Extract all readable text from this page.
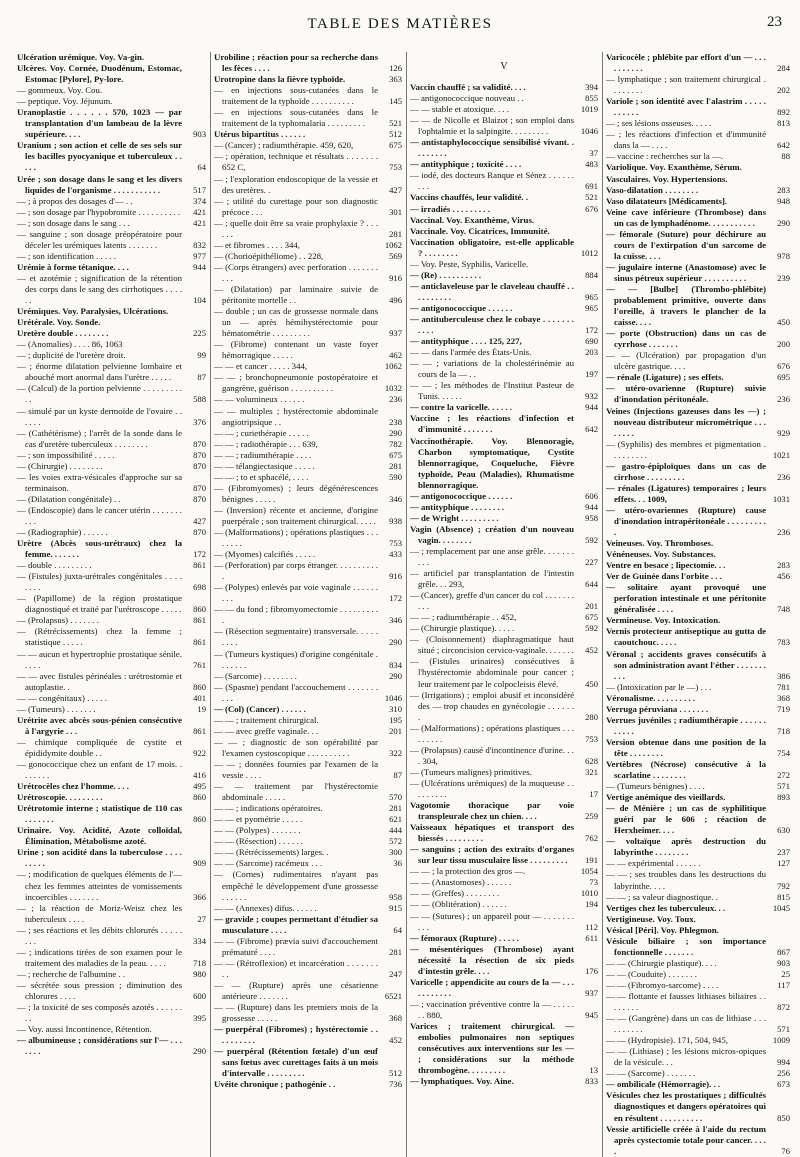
TABLE DES MATIÈRES	23
Ulcération urémique. Voy. Va-gin.
Ulcères. Voy. Cornée, Duodénum, Estomac, Estomac [Pylore], Py-lore.
— gommeux. Voy. Cou.
— peptique. Voy. Jéjunum.
Uranoplastie . . . . . . 570, 1023 — par transplantation d'un lambeau de la lèvre supérieure. . . .	903
Uranium ; son action et celle de ses sels sur les bacilles pyocyanique et tuberculeux . . . . .	64
Urée ; son dosage dans le sang et les divers liquides de l'organisme . . . . . . . . . . .	517
— ; à propos des dosages d'— . .	374
— ; son dosage par l'hypobromite . . . . . . . . . . 421
— ; son dosage dans le sang . . .	421
— sanguine ; son dosage préopératoire pour déceler les urémiques latents . . . . . . .	832
— ; son identification . . . . .	977
Urémie à forme tétanique. . . .	944
— et azotémie ; signification de la rétention des corps dans le sang des cirrhotiques . . . . . .	104
Urémiques. Voy. Paralysies, Ulcérations.
Urétérale. Voy. Sonde.
Uretère double . . . . . . . .	225
— (Anomalies) . . . . 86, 1063
— ; duplicité de l'uretère droit.	99
— ; énorme dilatation pelvienne lombaire et abouché mort anormal dans l'urètre . . . . .	87
— (Calcul) de la portion pelvienne . . . . . . . . . . .	588
— simulé par un kyste dermoïde de l'ovaire . . . . . .	376
— (Cathétérisme) ; l'arrêt de la sonde dans le cas d'uretère tuberculeux . . . . . . . .	870
— ; son impossibilité . . . . .	870
— (Chirurgie) . . . . . . . .	870
— les voies extra-vésicales d'approche sur sa terminaison.	870
— (Dilatation congénitale) . .	870
— (Endoscopie) dans le cancer utérin . . . . . . . . . .	427
— (Radiographie) . . . . . .	870
Urètre (Abcès sous-urétraux) chez la femme. . . . . . .	172
— double . . . . . . . . .	861
— (Fistules) juxta-urétrales congénitales . . . . . . . .	698
— (Papillome) de la région prostatique diagnostiqué et traité par l'urétroscope . . . . . 860
— (Prolapsus) . . . . . . .	861
— (Rétrécissements) chez la femme ; statistique . . . . .	861
— — aucun et hypertrophie prostatique sénile. . . . .	761
— — avec fistules périnéales : urétrostomie et autoplastie. .	860
— — congénitaux) . . . . .	401
— (Tumeurs) . . . . . . .	19
Urétrite avec abcès sous-pénien consécutive à l'argyrie . . .	861
— chimique compliquée de cystite et épididymite double . .	922
— gonococcique chez un enfant de 17 mois. . . . . . . .	416
Urétrocèles chez l'homme. . . .	495
Urétroscopie. . . . . . . . .	860
Urétrotomie interne ; statistique de 110 cas . . . . . . .	860
Urinaire. Voy. Acidité, Azote colloïdal, Élimination, Métabolisme azoté.
Urine ; son acidité dans la tuberculose . . . . . . . . .	909
— ; modification de quelques éléments de l'— chez les femmes atteintes de vomissements incoercibles . . . . . . .	366
— ; la réaction de Moriz-Weisz chez les tuberculeux . . . .	27
— ; ses réactions et les débits chlorurés . . . . . . . .	334
— ; indications tirées de son examen pour le traitement des maladies de la peau. . . . .	718
— ; recherche de l'albumine . .	980
— sécrétée sous pression ; diminution des chlorures . . . .	600
— ; la toxicité de ses composés azotés . . . . . . . .	395
— Voy. aussi Incontinence, Rétention.
— albumineuse ; considérations sur l'— . . . . . . .	290
Urobiline ; réaction pour sa recherche dans les fèces . . . .	126
Urotropine dans la fièvre typhoïde.	363
— en injections sous-cutanées dans le traitement de la typhoïde . . . . . . . . . .	145
— en injections sous-cutanées dans le traitement de la typhomalaria . . . . . . . . .	521
Utérus bipartitus . . . . . .	512
— (Cancer) ; radiumthérapie. 459, 620,	675
— ; opération, technique et résultats . . . . . . . 652 C,	753
— ; l'exploration endoscopique de la vessie et des uretères. .	427
— ; utilité du curettage pour son diagnostic précoce . . .	301
— ; quelle doit être sa vraie prophylaxie ? . . . . . .	281
— et fibromes . . . . 344,	1062
— (Chorioépithéliome) . . 228,	569
— (Corps étrangers) avec perforation . . . . . . . . . .	916
— (Dilatation) par laminaire suivie de péritonite mortelle . .	496
— double ; un cas de grossesse normale dans un — après hémihystérectomie pour hématométrie . . . . . . . . .	937
— (Fibrome) contenant un vaste foyer hémorragique . . . . .	462
— — et cancer . . . . . 344,	1062
— — ; bronchopneumonie postopératoire et gangrène, guérison . . . . . . . . . .	1032
— — volumineux . . . . . .	236
— — multiples ; hystérectomie abdominale angiotripsique . .	238
— — ; curiethérapie . . . . .	290
— — ; radiothérapie . . . 639,	782
— — ; radiumthérapie . . . .	675
— — télangiectasique . . . . .	281
— — ; to et sphacélé, . . . .	590
— (Fibromyomes) ; leurs dégénérescences bénignes . . . . .	346
— (Inversion) récente et ancienne, d'origine puerpérale ; son traitement chirurgical. . . . . 938
— (Malformations) ; opérations plastiques . . . . . . . .	753
— (Myomes) calcifiés . . . . .	433
— (Perforation) par corps étranger. . . . . . . . . . .	916
— (Polypes) enlevés par voie vaginale . . . . . . . . .	172
— — du fond ; fibromyomectomie . . . . . . . . . .	346
— (Résection segmentaire) transversale. . . . . . . . .	290
— (Tumeurs kystiques) d'origine congénitale . . . . . . .	834
— (Sarcome) . . . . . . . .	290
— (Spasme) pendant l'accouchement . . . . . . . . . .	1046
— (Col) (Cancer) . . . . . .	310
— — ; traitement chirurgical.	195
— — avec greffe vaginale. . .	201
— — ; diagnostic de son opérabilité par l'examen cystoscopique . . . . . . . . . .	322
— — ; données fournies par l'examen de la vessie . . . .	87
— — traitement par l'hystérectomie abdominale . . . . .	570
— — ; indications opératoires.	281
— — et pyométrie . . . . .	621
— — (Polypes) . . . . . . .	444
— — (Résection) . . . . . .	572
— — (Rétrécissements) larges. .	300
— — (Sarcome) racémeux . . .	36
— (Cornes) rudimentaires n'ayant pas empêché le développement d'une grossesse . . . . . .	958
— — (Annexes) difus. . . . . .	915
— gravide ; coupes permettant d'étudier sa musculature . . . .	64
— — (Fibrome) prævia suivi d'accouchement prématuré . . . .	281
— — (Rétroflexion) et incarcération . . . . . . . . .	247
— — (Rupture) après une césarienne antérieure . . . . . . .	6521
— — (Rupture) dans les premiers mois de la grossesse . . . . .	368
— puerpéral (Fibromes) ; hystérectomie . . . . . . . . . .	452
— puerpéral (Rétention fœtale) d'un œuf sans fœtus avec curettages faits à un mois d'intervalle . . . . . . . . .	512
Uvéite chronique ; pathogénie . .	736
V
Vaccin chauffé ; sa validité. . . .	394
— antigonococcique nouveau . .	855
— — stable et atoxique. . . .	1019
— — de Nicolle et Blaizot ; son emploi dans l'ophtalmie et la salpingite. . . . . . . . .	1046
— antistaphylococcique sensibilisé vivant. . . . . . . . .	37
— antityphique ; toxicité . . . .	483
— iodé, des docteurs Ranque et Sénez . . . . . . . . .	691
Vaccins chauffés, leur validité. .	521
— irradiés . . . . . . . . .	676
Vaccinal. Voy. Exanthème, Virus.
Vaccinale. Voy. Cicatrices, Immunité.
Vaccination obligatoire, est-elle applicable ? . . . . . . . .	1012
— Voy. Peste, Syphilis, Varicelle.
— (Re) . . . . . . . . . .	884
— anticlaveleuse par le claveleau chauffé . . . . . . . . . .	965
— antigonococcique . . . . . .	965
— antituberculeuse chez le cobaye . . . . . . . . . . .	172
— antityphique . . . . 125, 227,	690
— — dans l'armée des États-Unis.	203
— — ; variations de la cholestérinémie au cours de la — . .	197
— — ; les méthodes de l'Institut Pasteur de Tunis. . . . . .	932
— contre la varicelle. . . . . .	944
Vaccine ; les réactions d'infection et d'immunité . . . . . . .	642
Vaccinothérapie. Voy. Blennoragie, Charbon symptomatique, Cystite blennorragique, Coqueluche, Fièvre typhoïde, Peau (Maladies), Rhumatisme blennorragique.
— antigonococcique . . . . . .	606
— antityphique . . . . . . . .	944
— de Wright . . . . . . . . .	958
Vagin (Absence) ; création d'un nouveau vagin. . . . . . . .	592
— ; remplacement par une anse grêle. . . . . . . . . .	227
— artificiel par transplantation de l'intestin grêle. . . 293,	644
— (Cancer), greffe d'un cancer du col . . . . . . . . . .	201
— — ; radiumthérapie . . 452,	675
— (Chirurgie plastique). . . . .	592
— (Cloisonnement) diaphragmatique haut situé ; circoncision cervico-vaginale. . . . . . . 452
— (Fistules urinaires) consécutives à l'hystérectomie abdominale pour cancer ; leur traitement par le colpocleisis élevé.	450
— (Irrigations) ; emploi abusif et inconsidéré des — trop chaudes en gynécologie . . . . . . .	280
— (Malformations) ; opérations plastiques . . . . . . . . .	753
— (Prolapsus) causé d'incontinence d'urine. . . . 304,	628
— (Tumeurs malignes) primitives.	321
— (Ulcérations urémiques) de la muqueuse . . . . . . . . .	17
Vagotomie thoracique par voie transpleurale chez un chien. . . .	259
Vaisseaux hépatiques et transport des biessés . . . . . . . . .	762
— sanguins ; action des extraits d'organes sur leur tissu musculaire lisse . . . . . . . . . 191
— — ; la protection des gros —.	1054
— — (Anastomoses) . . . . . .	73
— — (Greffes) . . . . . . . .	1010
— — (Oblitération) . . . . . .	194
— — (Sutures) ; un appareil pour — . . . . . . . . . .	112
— fémoraux (Rupture) . . . . .	611
— mésentériques (Thrombose) ayant nécessité la résection de six pieds d'intestin grêle. . . .	176
Varicelle ; appendicite au cours de la — . . . . . . . . . . .	937
— ; vaccination préventive contre la — . . . . . . . 880,	945
Varices ; traitement chirurgical. — embolies pulmonaires non septiques consécutives aux interventions sur les — ; considérations sur la méthode thrombogène. . . . . . . . .	13
— lymphatiques. Voy. Aine.	833
Varicocèle ; phlébite par effort d'un — . . . . . . . . . .	284
— lymphatique ; son traitement chirurgical . . . . . . . .	202
Variole ; son identité avec l'alastrim . . . . . . . . . . .	892
— ; ses lésions osseuses. . . . .	813
— ; les réactions d'infection et d'immunité dans la — . . . .	642
— vaccine : recherches sur la —.	88
Variolique. Voy. Exanthème, Sérum.
Vasculaires. Voy. Hypertensions.
Vaso-dilatation . . . . . . . .	283
Vaso dilatateurs [Médicaments].	948
Veine cave inférieure (Thrombose) dans un cas de lymphadénome. . . . . . . . . . .	290
— fémorale (Suture) pour déchirure au cours de l'extirpation d'un sarcome de la cuisse. . . .	978
— jugulaire interne (Anastomose) avec le sinus pétreux supérieur . . . . . . . . . .	239
— — [Bulbe] (Thrombo-phlébite) probablement primitive, ouverte dans l'oreille, à travers le plancher de la caisse. . . .	450
— porte (Obstruction) dans un cas de cyrrhose . . . . . . .	200
— — (Ulcération) par propagation d'un ulcère gastrique. . . .	676
— rénale (Ligature) ; ses effets.	695
— utéro-ovarienne (Rupture) suivie d'inondation péritonéale.	236
Veines (Injections gazeuses dans les —) ; nouveau distributeur micrométrique . . . . . . . .	929
— (Syphilis) des membres et pigmentation . . . . . . . . .	1021
— gastro-épiploïques dans un cas de cirrhose . . . . . . . . .	236
— rénales (Ligatures) temporaires ; leurs effets. . . 1009,	1031
— utéro-ovariennes (Rupture) cause d'inondation intrapéritonéale . . . . . . . . . .	236
Veineuses. Voy. Thromboses.
Vénéneuses. Voy. Substances.
Ventre en besace ; lipectomie. . .	283
Ver de Guinée dans l'orbite . . .	456
— solitaire ayant provoqué une perforation intestinale et une péritonite généralisée . . . .	748
Vermineuse. Voy. Intoxication.
Vernis protecteur antiseptique au gutta de caoutchouc. . . . .	783
Véronal ; accidents graves consécutifs à son administration avant l'éther . . . . . . . . . .	386
— (Intoxication par le —) . . .	781
Véronalisme. . . . . . . . . .	368
Verruga péruviana . . . . . . .	719
Verrues juvéniles ; radiumthérapie . . . . . . . . . . .	718
Version obtenue dans une position de la tête . . . . . . . .	754
Vertèbres (Nécrose) consécutive à la scarlatine . . . . . . . .	272
— (Tumeurs bénignes) . . . .	571
Vertige anémique des vieillards.	893
— de Ménière ; un cas de syphilitique guéri par le 606 ; réaction de Herxheimer. . . .	630
— voltaïque après destruction du labyrinthe . . . . . . . .	237
— — expérimental . . . . . .	127
— — ; ses troubles dans les destructions du labyrinthe. . . .	792
— — ; sa valeur diagnostique. .	815
Vertiges chez les tuberculeux. . .	1045
Vertigineuse. Voy. Toux.
Vésical [Péri]. Voy. Phlegmon.
Vésicule biliaire ; son importance fonctionnelle . . . . . . .	867
— — (Chirurgie plastique). . . .	903
— — (Couduite) . . . . . . .	25
— — (Fibromyo-sarcome) . . . .	117
— — flottante et fausses lithiases biliaires . . . . . . . .	872
— — (Gangrène) dans un cas de lithiase . . . . . . . . . .	571
— — (Hydropisie). 171, 504, 945,	1009
— — (Lithiase) ; les lésions micros-opiques de la vésicule. . .	994
— — (Sarcome) . . . . . . .	256
— ombilicale (Hémorragie). . .	673
Vésicules chez les prostatiques ; difficultés diagnostiques et dangers opératoires qui en résultent . . . . . . . . . .	850
Vessie artificielle créée à l'aide du rectum après cystectomie totale pour cancer. . . . .	76
